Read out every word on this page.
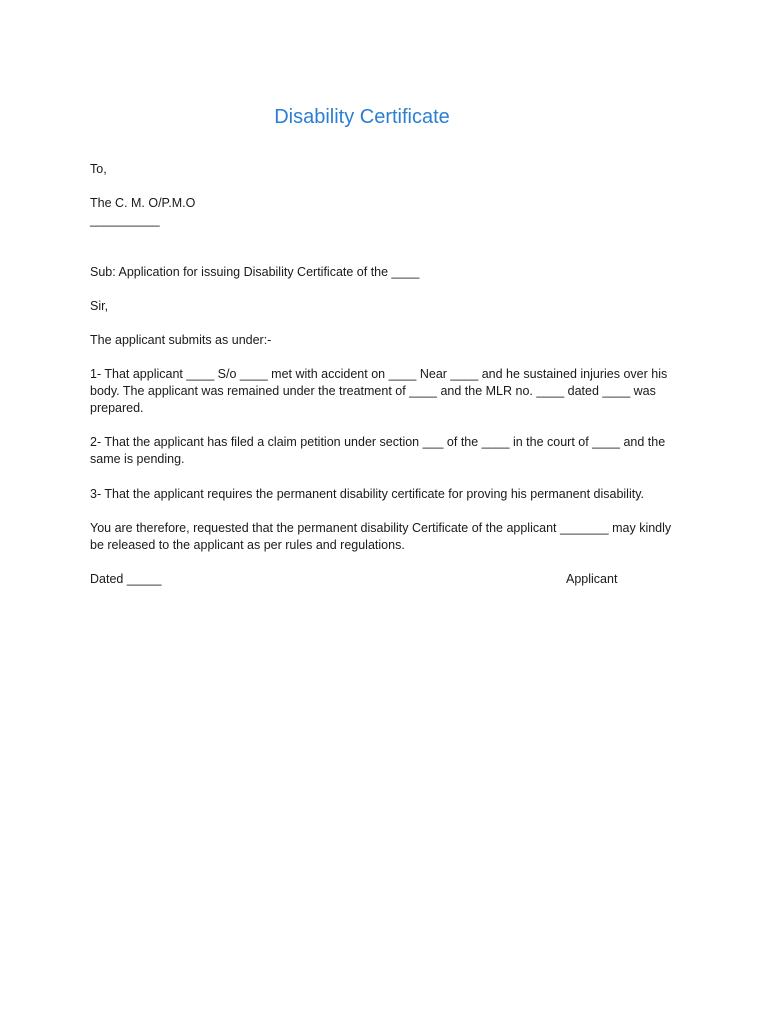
Disability Certificate

To,

The C. M. O/P.M.O

__________

Sub: Application for issuing Disability Certificate of the ____

Sir,

The applicant submits as under:-

1- That applicant ____ S/o ____ met with accident on ____ Near ____ and he sustained injuries over his body. The applicant was remained under the treatment of ____ and the MLR no. ____ dated ____ was prepared.

2- That the applicant has filed a claim petition under section ___ of the ____ in the court of ____ and the same is pending.

3- That the applicant requires the permanent disability certificate for proving his permanent disability.

You are therefore, requested that the permanent disability Certificate of the applicant _______ may kindly be released to the applicant as per rules and regulations.

Dated _____	Applicant
